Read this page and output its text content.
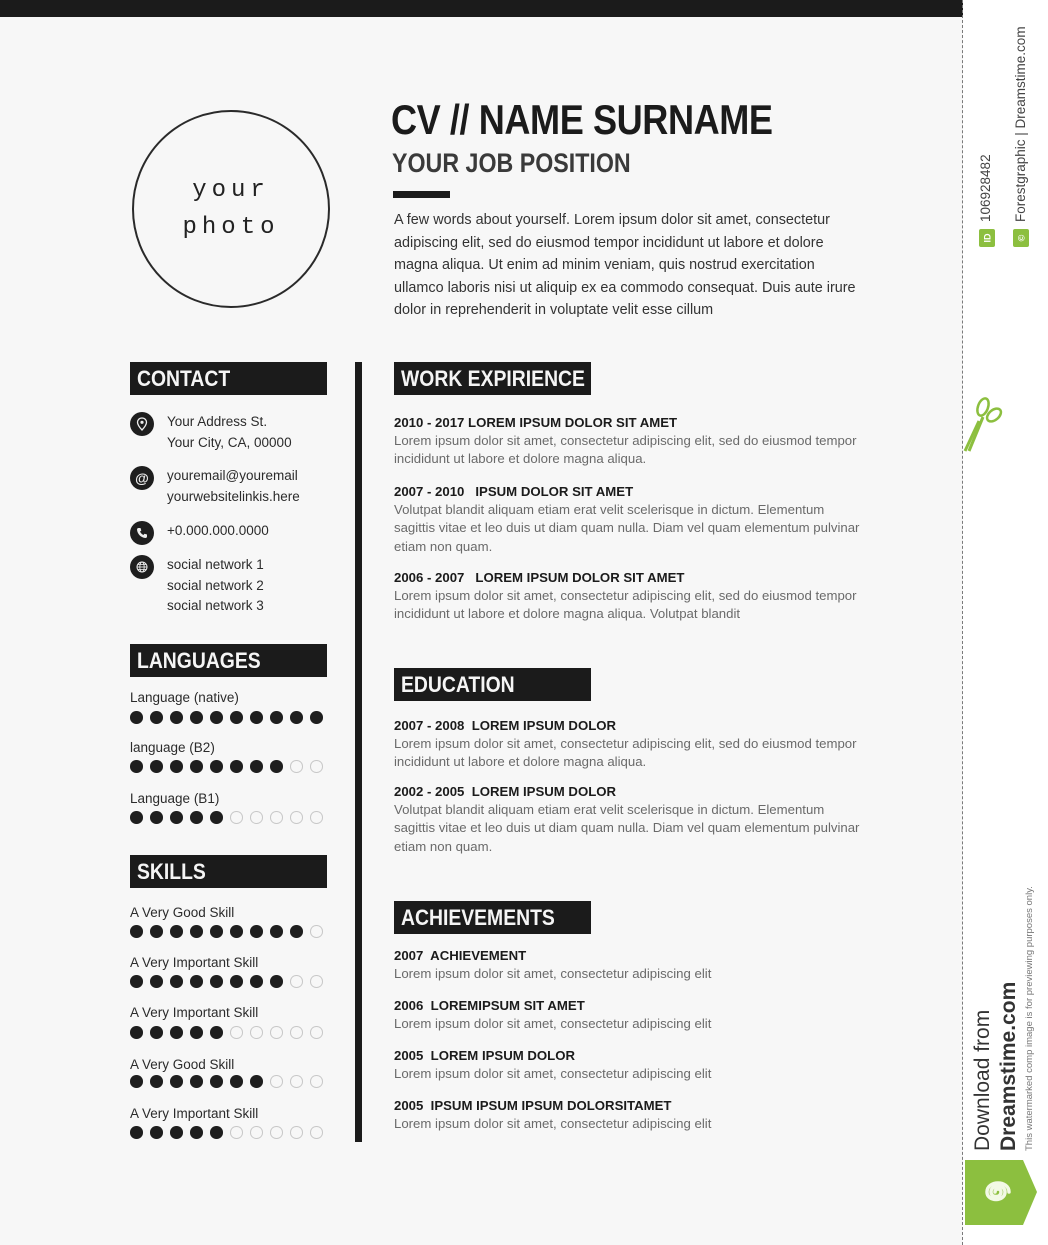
your
photo
CV // NAME SURNAME
YOUR JOB POSITION
A few words about yourself. Lorem ipsum dolor sit amet, consectetur adipiscing elit, sed do eiusmod tempor incididunt ut labore et dolore magna aliqua. Ut enim ad minim veniam, quis nostrud exercitation ullamco laboris nisi ut aliquip ex ea commodo consequat. Duis aute irure dolor in reprehenderit in voluptate velit esse cillum
CONTACT
Your Address St.
Your City, CA, 00000
@ youremail@youremail
yourwebsitelinkis.here
+0.000.000.0000
social network 1
social network 2
social network 3
LANGUAGES
Language (native)
language (B2)
Language (B1)
SKILLS
A Very Good Skill
A Very Important Skill
A Very Important Skill
A Very Good Skill
A Very Important Skill
WORK EXPIRIENCE
2010 - 2017 LOREM IPSUM DOLOR SIT AMET
Lorem ipsum dolor sit amet, consectetur adipiscing elit, sed do eiusmod tempor incididunt ut labore et dolore magna aliqua.
2007 - 2010   IPSUM DOLOR SIT AMET
Volutpat blandit aliquam etiam erat velit scelerisque in dictum. Elementum sagittis vitae et leo duis ut diam quam nulla. Diam vel quam elementum pulvinar etiam non quam.
2006 - 2007   LOREM IPSUM DOLOR SIT AMET
Lorem ipsum dolor sit amet, consectetur adipiscing elit, sed do eiusmod tempor incididunt ut labore et dolore magna aliqua. Volutpat blandit
EDUCATION
2007 - 2008  LOREM IPSUM DOLOR
Lorem ipsum dolor sit amet, consectetur adipiscing elit, sed do eiusmod tempor incididunt ut labore et dolore magna aliqua.
2002 - 2005  LOREM IPSUM DOLOR
Volutpat blandit aliquam etiam erat velit scelerisque in dictum. Elementum sagittis vitae et leo duis ut diam quam nulla. Diam vel quam elementum pulvinar etiam non quam.
ACHIEVEMENTS
2007  ACHIEVEMENT
Lorem ipsum dolor sit amet, consectetur adipiscing elit
2006  LOREMIPSUM SIT AMET
Lorem ipsum dolor sit amet, consectetur adipiscing elit
2005  LOREM IPSUM DOLOR
Lorem ipsum dolor sit amet, consectetur adipiscing elit
2005  IPSUM IPSUM IPSUM DOLORSITAMET
Lorem ipsum dolor sit amet, consectetur adipiscing elit
ID
106928482
©
Forestgraphic | Dreamstime.com
Download from Dreamstime.com This watermarked comp image is for previewing purposes only.
